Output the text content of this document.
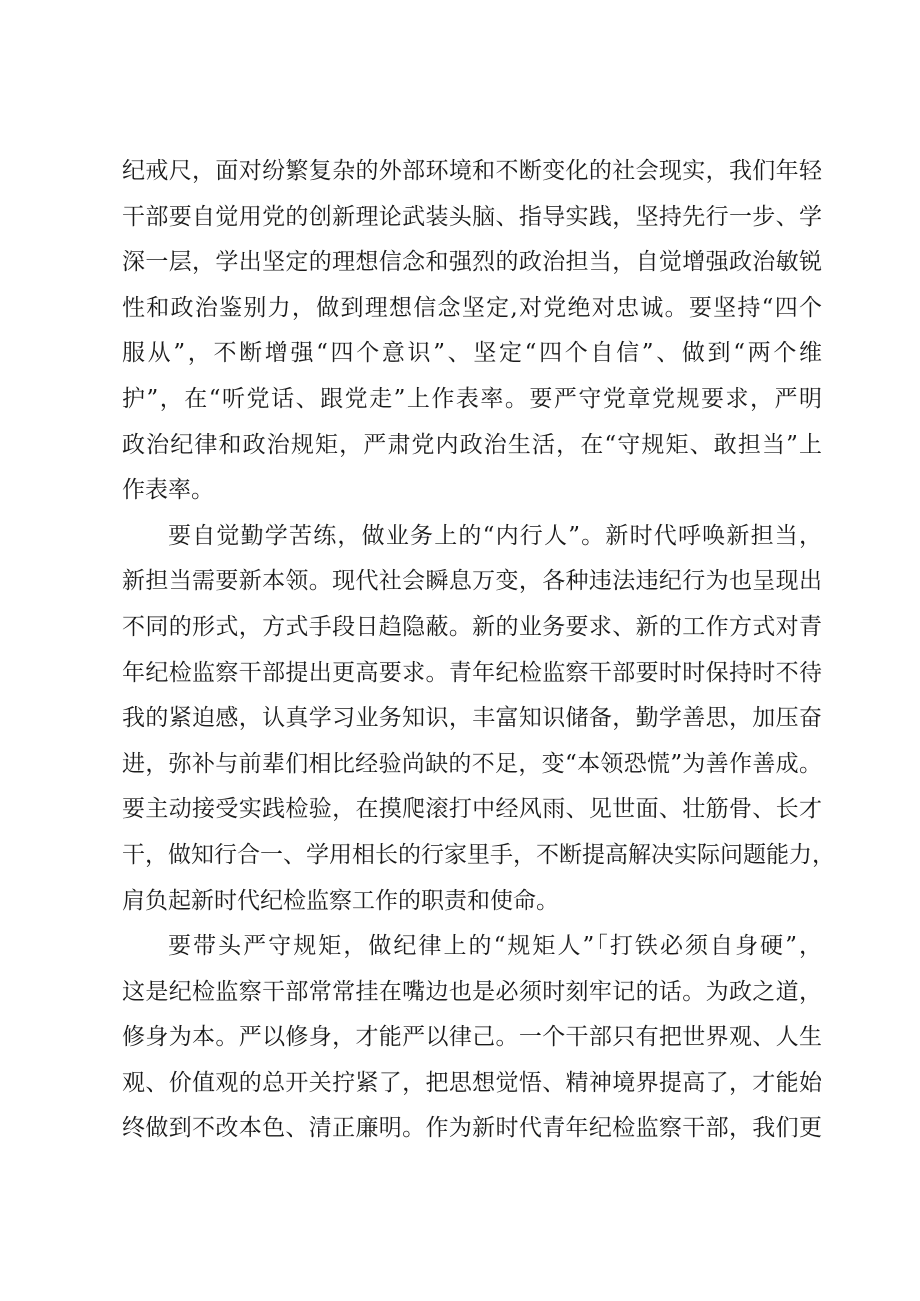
纪戒尺，面对纷繁复杂的外部环境和不断变化的社会现实，我们年轻
干部要自觉用党的创新理论武装头脑、指导实践，坚持先行一步、学
深一层，学出坚定的理想信念和强烈的政治担当，自觉增强政治敏锐
性和政治鉴别力，做到理想信念坚定,对党绝对忠诚。要坚持“四个
服从”，不断增强“四个意识”、坚定“四个自信”、做到“两个维
护”，在“听党话、跟党走”上作表率。要严守党章党规要求，严明
政治纪律和政治规矩，严肃党内政治生活，在“守规矩、敢担当”上
作表率。
要自觉勤学苦练，做业务上的“内行人”。新时代呼唤新担当，
新担当需要新本领。现代社会瞬息万变，各种违法违纪行为也呈现出
不同的形式，方式手段日趋隐蔽。新的业务要求、新的工作方式对青
年纪检监察干部提出更高要求。青年纪检监察干部要时时保持时不待
我的紧迫感，认真学习业务知识，丰富知识储备，勤学善思，加压奋
进，弥补与前辈们相比经验尚缺的不足，变“本领恐慌”为善作善成。
要主动接受实践检验，在摸爬滚打中经风雨、见世面、壮筋骨、长才
干，做知行合一、学用相长的行家里手，不断提高解决实际问题能力，
肩负起新时代纪检监察工作的职责和使命。
要带头严守规矩，做纪律上的“规矩人”「打铁必须自身硬”，
这是纪检监察干部常常挂在嘴边也是必须时刻牢记的话。为政之道，
修身为本。严以修身，才能严以律己。一个干部只有把世界观、人生
观、价值观的总开关拧紧了，把思想觉悟、精神境界提高了，才能始
终做到不改本色、清正廉明。作为新时代青年纪检监察干部，我们更
